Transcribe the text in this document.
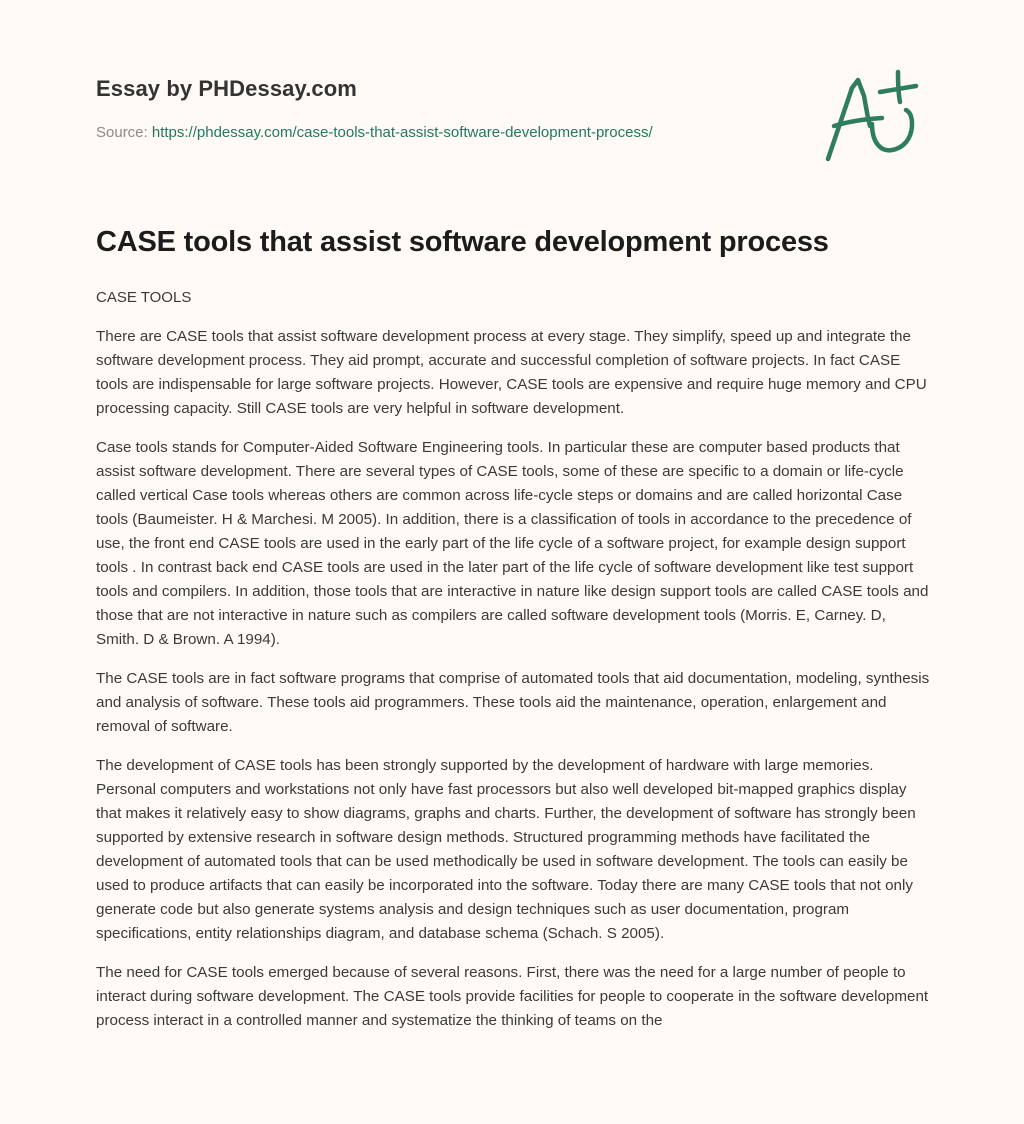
Essay by PHDessay.com
Source: https://phdessay.com/case-tools-that-assist-software-development-process/
CASE tools that assist software development process
CASE TOOLS

There are CASE tools that assist software development process at every stage. They simplify, speed up and integrate the software development process. They aid prompt, accurate and successful completion of software projects. In fact CASE tools are indispensable for large software projects. However, CASE tools are expensive and require huge memory and CPU processing capacity. Still CASE tools are very helpful in software development.

Case tools stands for Computer-Aided Software Engineering tools. In particular these are computer based products that assist software development. There are several types of CASE tools, some of these are specific to a domain or life-cycle called vertical Case tools whereas others are common across life-cycle steps or domains and are called horizontal Case tools (Baumeister. H & Marchesi. M 2005). In addition, there is a classification of tools in accordance to the precedence of use, the front end CASE tools are used in the early part of the life cycle of a software project, for example design support tools . In contrast back end CASE tools are used in the later part of the life cycle of software development like test support tools and compilers. In addition, those tools that are interactive in nature like design support tools are called CASE tools and those that are not interactive in nature such as compilers are called software development tools (Morris. E, Carney. D, Smith. D & Brown. A 1994).

The CASE tools are in fact software programs that comprise of automated tools that aid documentation, modeling, synthesis and analysis of software. These tools aid programmers. These tools aid the maintenance, operation, enlargement and removal of software.

The development of CASE tools has been strongly supported by the development of hardware with large memories. Personal computers and workstations not only have fast processors but also well developed bit-mapped graphics display that makes it relatively easy to show diagrams, graphs and charts. Further, the development of software has strongly been supported by extensive research in software design methods. Structured programming methods have facilitated the development of automated tools that can be used methodically be used in software development. The tools can easily be used to produce artifacts that can easily be incorporated into the software. Today there are many CASE tools that not only generate code but also generate systems analysis and design techniques such as user documentation, program specifications, entity relationships diagram, and database schema (Schach. S 2005).

The need for CASE tools emerged because of several reasons. First, there was the need for a large number of people to interact during software development. The CASE tools provide facilities for people to cooperate in the software development process interact in a controlled manner and systematize the thinking of teams on the
